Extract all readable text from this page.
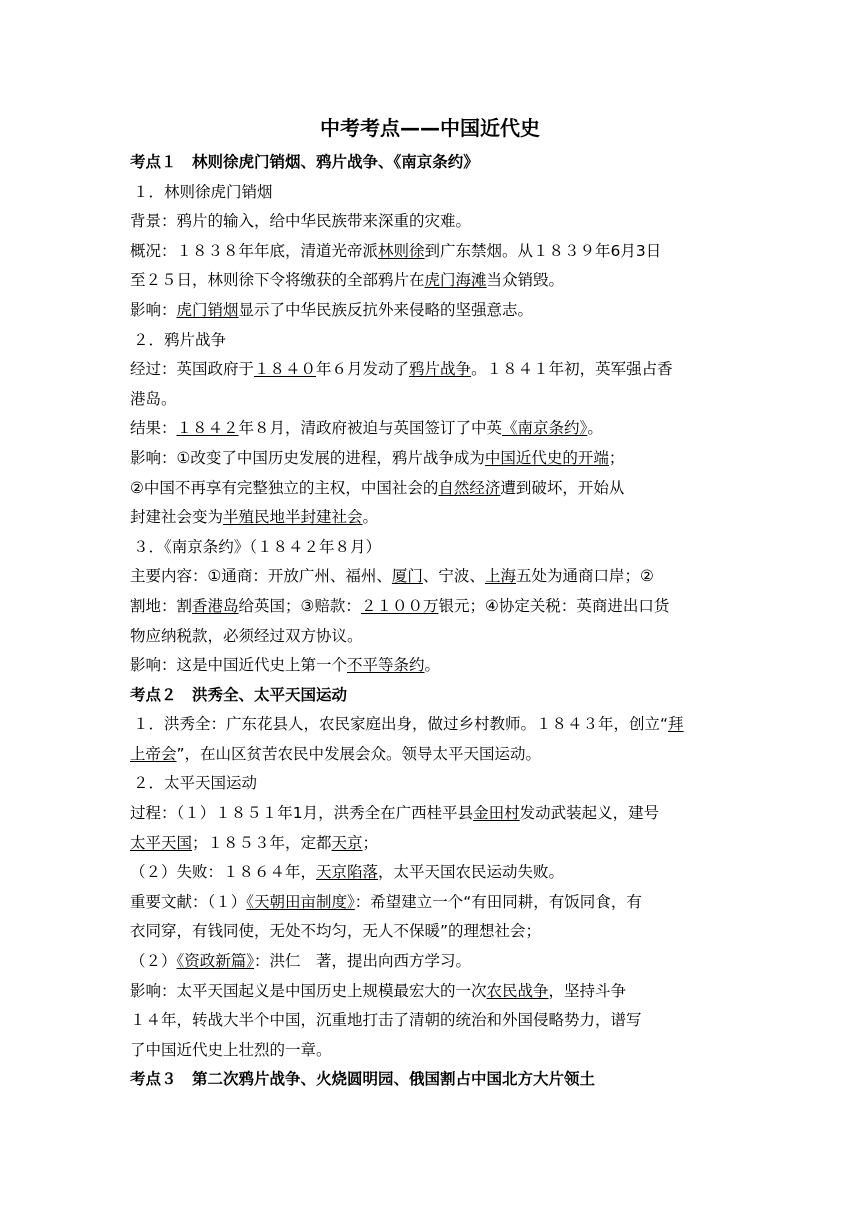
中考考点——中国近代史
考点１　林则徐虎门销烟、鸦片战争、《南京条约》
１．林则徐虎门销烟
背景：鸦片的输入，给中华民族带来深重的灾难。
概况：１８３８年年底，清道光帝派林则徐到广东禁烟。从１８３９年6月3日
至２５日，林则徐下令将缴获的全部鸦片在虎门海滩当众销毁。
影响：虎门销烟显示了中华民族反抗外来侵略的坚强意志。
２．鸦片战争
经过：英国政府于１８４０年６月发动了鸦片战争。１８４１年初，英军强占香
港岛。
结果：１８４２年８月，清政府被迫与英国签订了中英《南京条约》。
影响：①改变了中国历史发展的进程，鸦片战争成为中国近代史的开端；
②中国不再享有完整独立的主权，中国社会的自然经济遭到破坏，开始从
封建社会变为半殖民地半封建社会。
３．《南京条约》（１８４２年８月）
主要内容：①通商：开放广州、福州、厦门、宁波、上海五处为通商口岸；②
割地：割香港岛给英国；③赔款：２１００万银元；④协定关税：英商进出口货
物应纳税款，必须经过双方协议。
影响：这是中国近代史上第一个不平等条约。
考点２　洪秀全、太平天国运动
１．洪秀全：广东花县人，农民家庭出身，做过乡村教师。１８４３年，创立“拜
上帝会”，在山区贫苦农民中发展会众。领导太平天国运动。
２．太平天国运动
过程：（１）１８５１年1月，洪秀全在广西桂平县金田村发动武装起义，建号
太平天国；１８５３年，定都天京；
（２）失败：１８６４年，天京陷落，太平天国农民运动失败。
重要文献：（１）《天朝田亩制度》：希望建立一个“有田同耕，有饭同食，有
衣同穿，有钱同使，无处不均匀，无人不保暖”的理想社会；
（２）《资政新篇》：洪仁　著，提出向西方学习。
影响：太平天国起义是中国历史上规模最宏大的一次农民战争，坚持斗争
１４年，转战大半个中国，沉重地打击了清朝的统治和外国侵略势力，谱写
了中国近代史上壮烈的一章。
考点３　第二次鸦片战争、火烧圆明园、俄国割占中国北方大片领土
